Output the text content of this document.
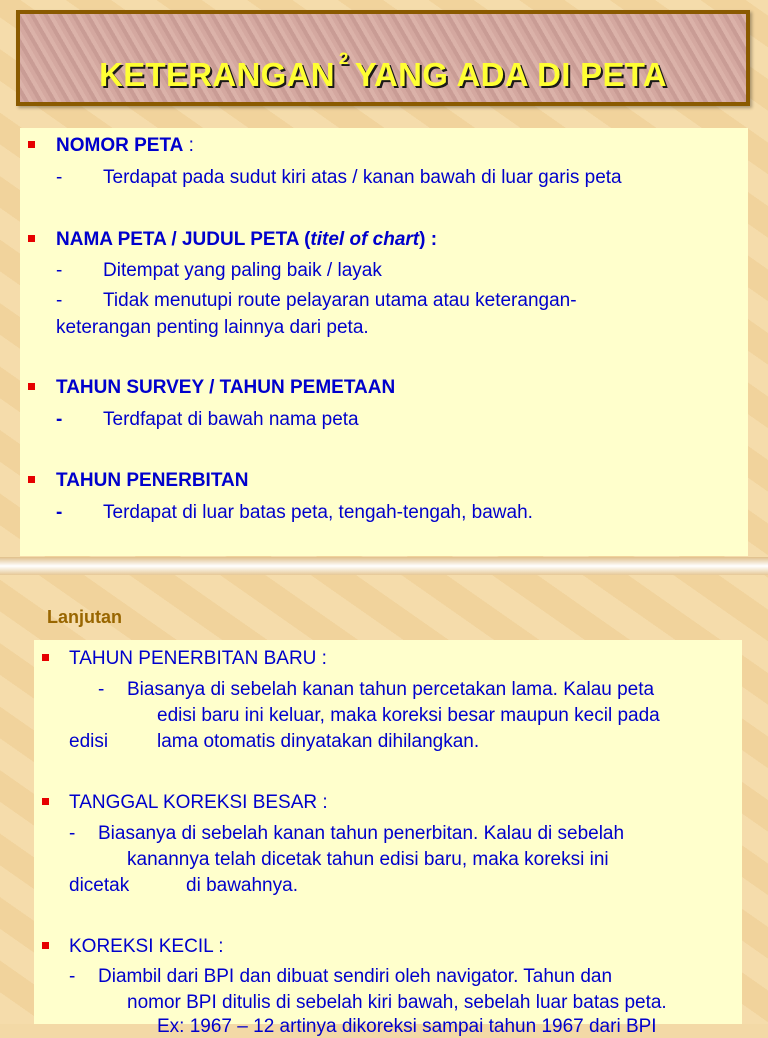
KETERANGAN $^2$ YANG ADA DI PETA
NOMOR PETA :
- Terdapat pada sudut kiri atas / kanan bawah di luar garis peta
NAMA PETA / JUDUL PETA (titel of chart) :
- Ditempat yang paling baik / layak
- Tidak menutupi route pelayaran utama atau keterangan-
keterangan penting lainnya dari peta.
TAHUN SURVEY / TAHUN PEMETAAN
- Terdfapat di bawah nama peta
TAHUN PENERBITAN
- Terdapat di luar batas peta, tengah-tengah, bawah.
Lanjutan
TAHUN PENERBITAN BARU :
- Biasanya di sebelah kanan tahun percetakan lama. Kalau peta
edisi baru ini keluar, maka koreksi besar maupun kecil pada
edisi	lama otomatis dinyatakan dihilangkan.
TANGGAL KOREKSI BESAR :
- Biasanya di sebelah kanan tahun penerbitan. Kalau di sebelah
kanannya telah dicetak tahun edisi baru, maka koreksi ini
dicetak	di bawahnya.
KOREKSI KECIL :
- Diambil dari BPI dan dibuat sendiri oleh navigator. Tahun dan
nomor BPI ditulis di sebelah kiri bawah, sebelah luar batas peta.
Ex: 1967 – 12 artinya dikoreksi sampai tahun 1967 dari BPI
